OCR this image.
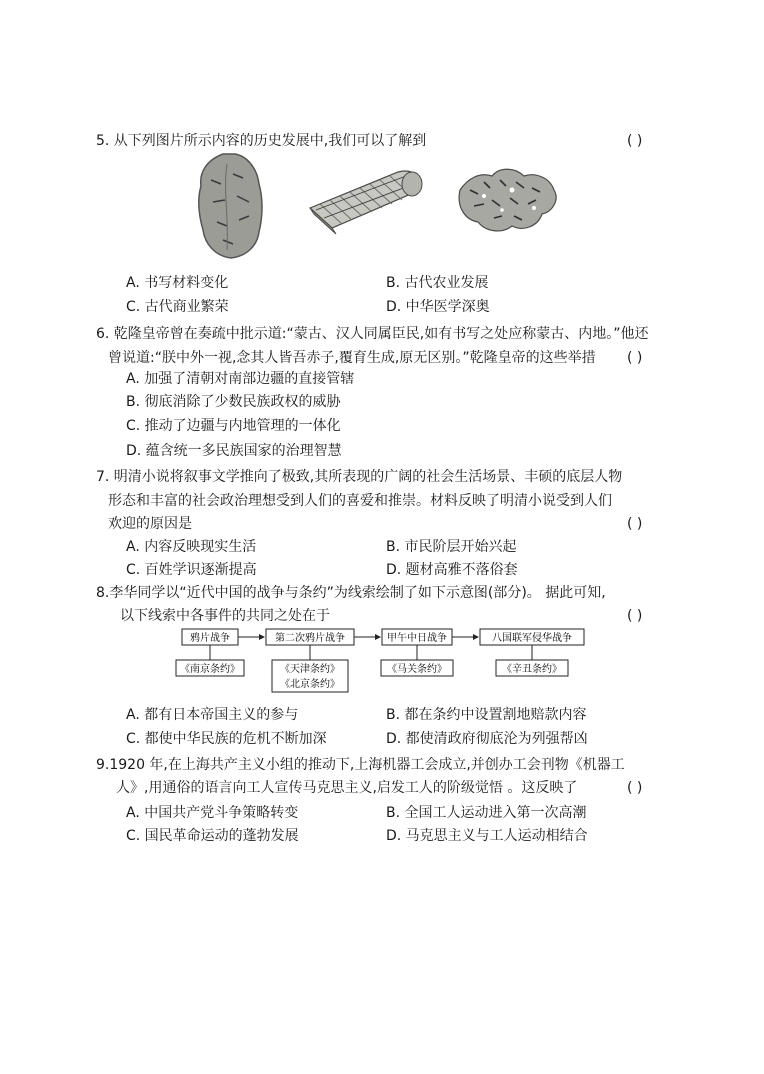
5. 从下列图片所示内容的历史发展中,我们可以了解到	( )
A. 书写材料变化	B. 古代农业发展
C. 古代商业繁荣	D. 中华医学深奥
6. 乾隆皇帝曾在奏疏中批示道:“蒙古、汉人同属臣民,如有书写之处应称蒙古、内地。”他还
曾说道:“朕中外一视,念其人皆吾赤子,覆育生成,原无区别。”乾隆皇帝的这些举措 ( )
A. 加强了清朝对南部边疆的直接管辖
B. 彻底消除了少数民族政权的威胁
C. 推动了边疆与内地管理的一体化
D. 蕴含统一多民族国家的治理智慧
7. 明清小说将叙事文学推向了极致,其所表现的广阔的社会生活场景、丰硕的底层人物
形态和丰富的社会政治理想受到人们的喜爱和推崇。材料反映了明清小说受到人们
欢迎的原因是	( )
A. 内容反映现实生活	B. 市民阶层开始兴起
C. 百姓学识逐渐提高	D. 题材高雅不落俗套
8.李华同学以“近代中国的战争与条约”为线索绘制了如下示意图(部分)。 据此可知,
以下线索中各事件的共同之处在于	( )
鸦片战争	第二次鸦片战争	甲午中日战争	八国联军侵华战争
《南京条约》	《天津条约》
《北京条约》
《马关条约》	《辛丑条约》
A. 都有日本帝国主义的参与	B. 都在条约中设置割地赔款内容
C. 都使中华民族的危机不断加深	D. 都使清政府彻底沦为列强帮凶
9.1920 年,在上海共产主义小组的推动下,上海机器工会成立,并创办工会刊物《机器工
人》,用通俗的语言向工人宣传马克思主义,启发工人的阶级觉悟 。这反映了	( )
A. 中国共产党斗争策略转变	B. 全国工人运动进入第一次高潮
C. 国民革命运动的蓬勃发展	D. 马克思主义与工人运动相结合
